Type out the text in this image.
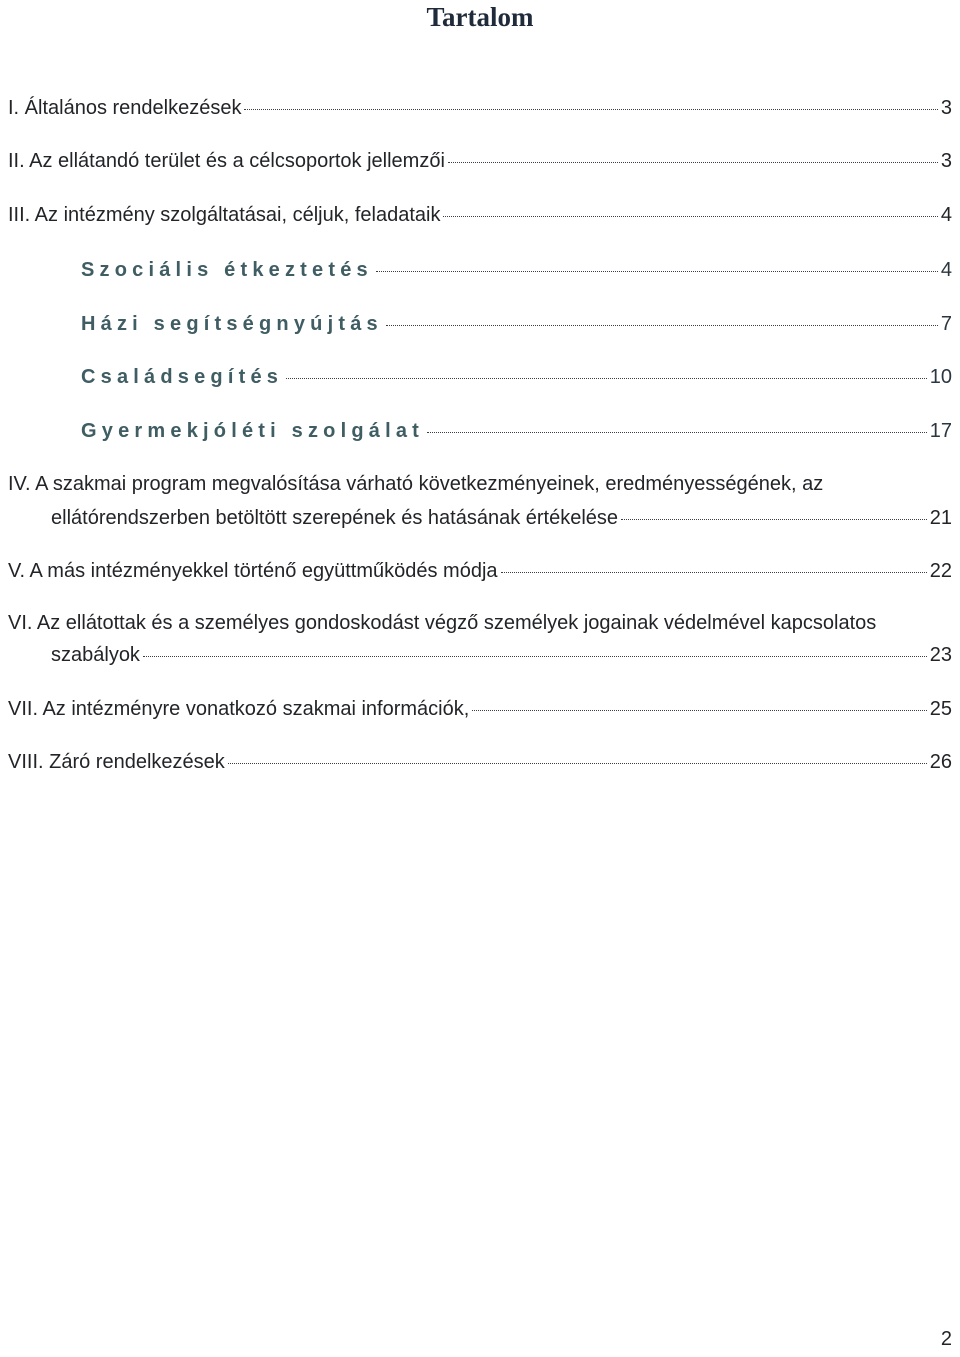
Tartalom
I. Általános rendelkezések	3
II. Az ellátandó terület és a célcsoportok jellemzői	3
III. Az intézmény szolgáltatásai, céljuk, feladataik	4
Szociális étkeztetés	4
Házi segítségnyújtás	7
Családsegítés	10
Gyermekjóléti szolgálat	17
IV. A szakmai program megvalósítása várható következményeinek, eredményességének, az
ellátórendszerben betöltött szerepének és hatásának értékelése	21
V. A más intézményekkel történő együttműködés módja	22
VI. Az ellátottak és a személyes gondoskodást végző személyek jogainak védelmével kapcsolatos
szabályok	23
VII. Az intézményre vonatkozó szakmai információk,	25
VIII. Záró rendelkezések	26
2
